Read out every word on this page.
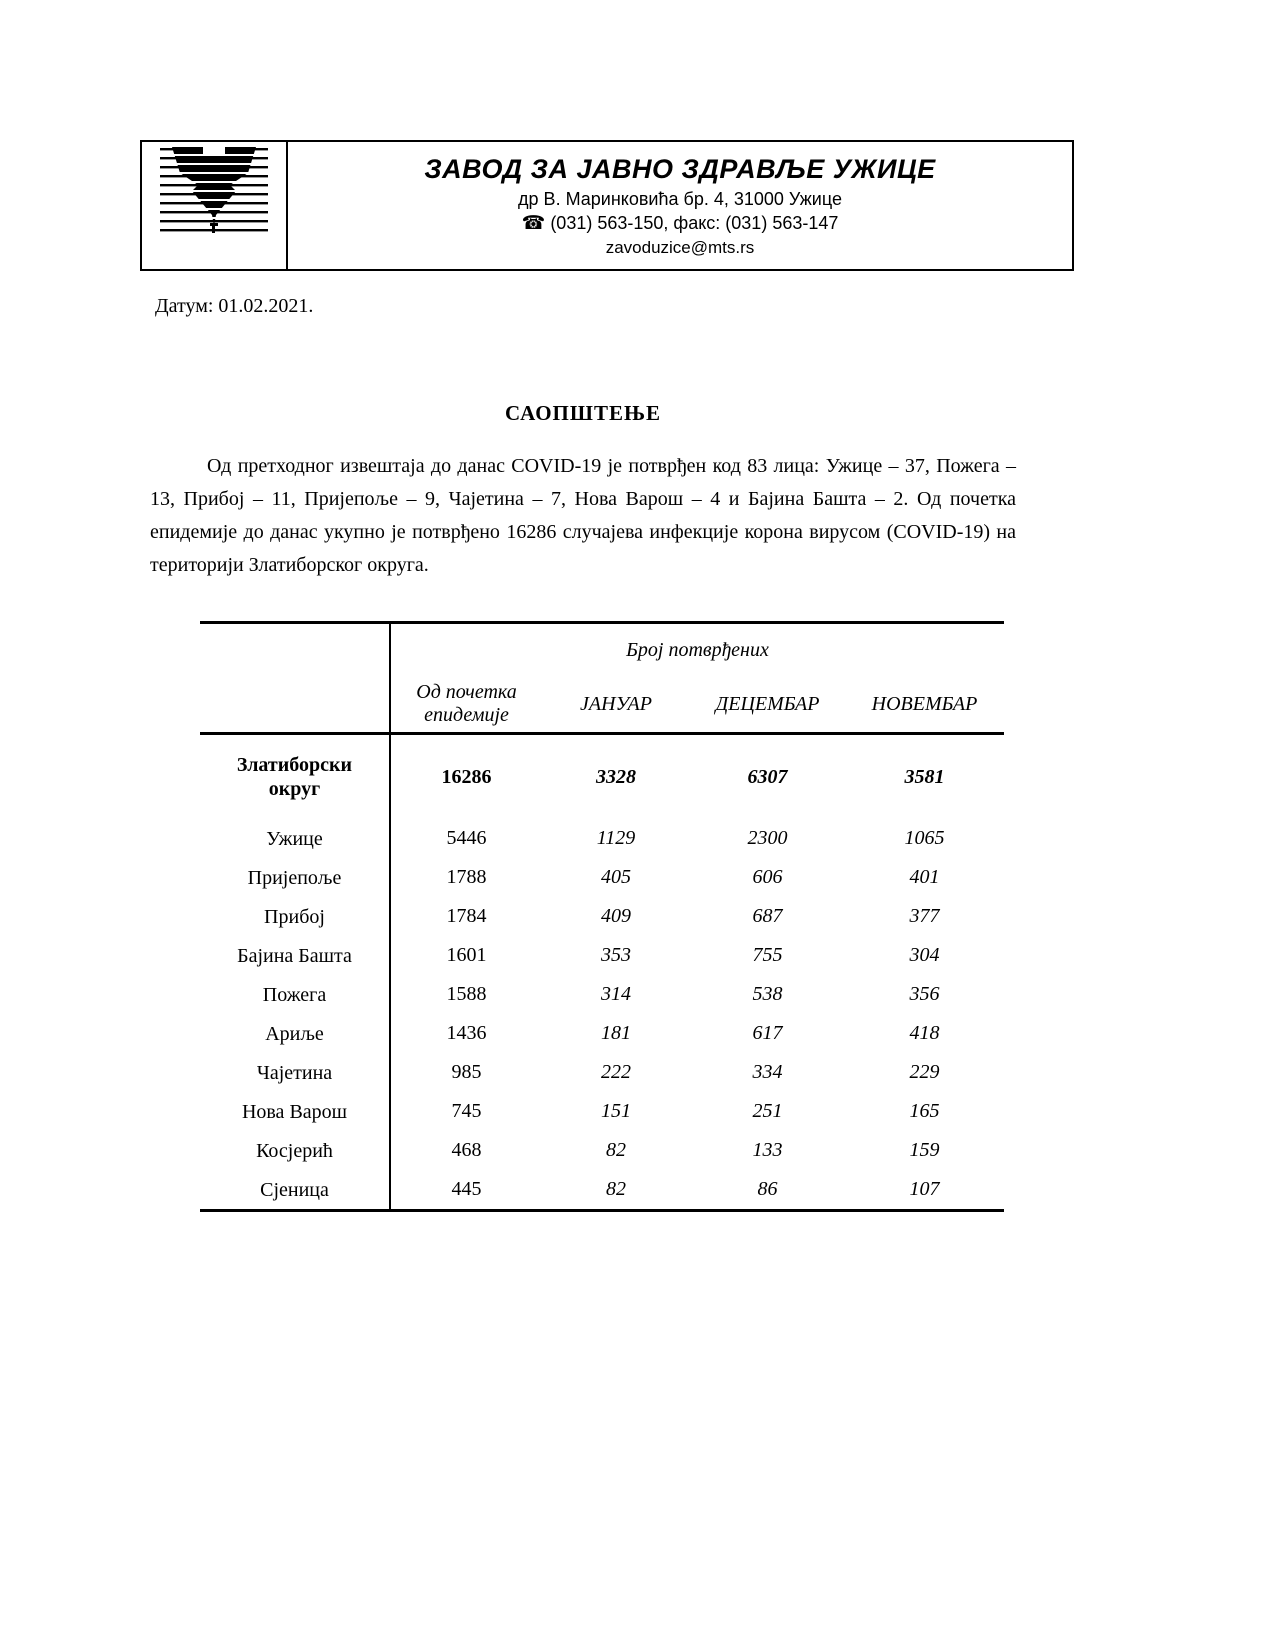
ЗАВОД ЗА ЈАВНО ЗДРАВЉЕ УЖИЦЕ
др В. Маринковића бр. 4, 31000 Ужице
☎ (031) 563-150, факс: (031) 563-147
zavoduzice@mts.rs
Датум: 01.02.2021.
САОПШТЕЊЕ
Од претходног извештаја до данас COVID-19 је потврђен код 83 лица: Ужице – 37, Пожега – 13, Прибој – 11, Пријепоље – 9, Чајетина – 7, Нова Варош – 4 и Бајина Башта – 2. Од почетка епидемије до данас укупно је потврђено 16286 случајева инфекције корона вирусом (COVID-19) на територији Златиборског округа.
	Број потврђених			
	Од почетка епидемије	ЈАНУАР	ДЕЦЕМБАР	НОВЕМБАР
Златиборски округ	16286	3328	6307	3581
Ужице	5446	1129	2300	1065
Пријепоље	1788	405	606	401
Прибој	1784	409	687	377
Бајина Башта	1601	353	755	304
Пожега	1588	314	538	356
Ариље	1436	181	617	418
Чајетина	985	222	334	229
Нова Варош	745	151	251	165
Косјерић	468	82	133	159
Сјеница	445	82	86	107
